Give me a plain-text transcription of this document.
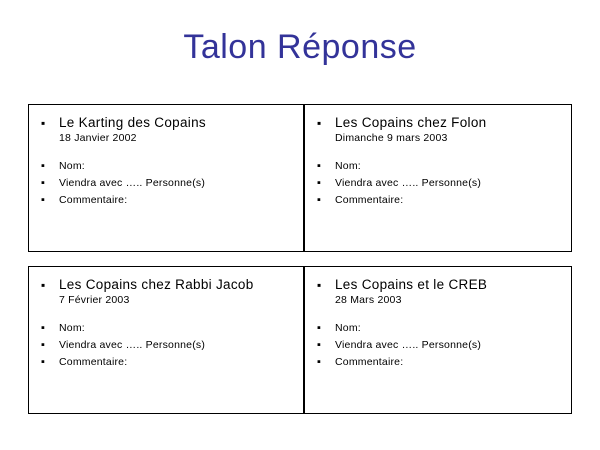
Talon Réponse
▪	Le Karting des Copains
18 Janvier 2002
▪	Nom:
▪	Viendra avec ….. Personne(s)
▪	Commentaire:
▪	Les Copains chez Folon
Dimanche 9 mars 2003
▪	Nom:
▪	Viendra avec ….. Personne(s)
▪	Commentaire:
▪	Les Copains chez Rabbi Jacob
7 Février 2003
▪	Nom:
▪	Viendra avec ….. Personne(s)
▪	Commentaire:
▪	Les Copains et le CREB
28 Mars 2003
▪	Nom:
▪	Viendra avec ….. Personne(s)
▪	Commentaire:
